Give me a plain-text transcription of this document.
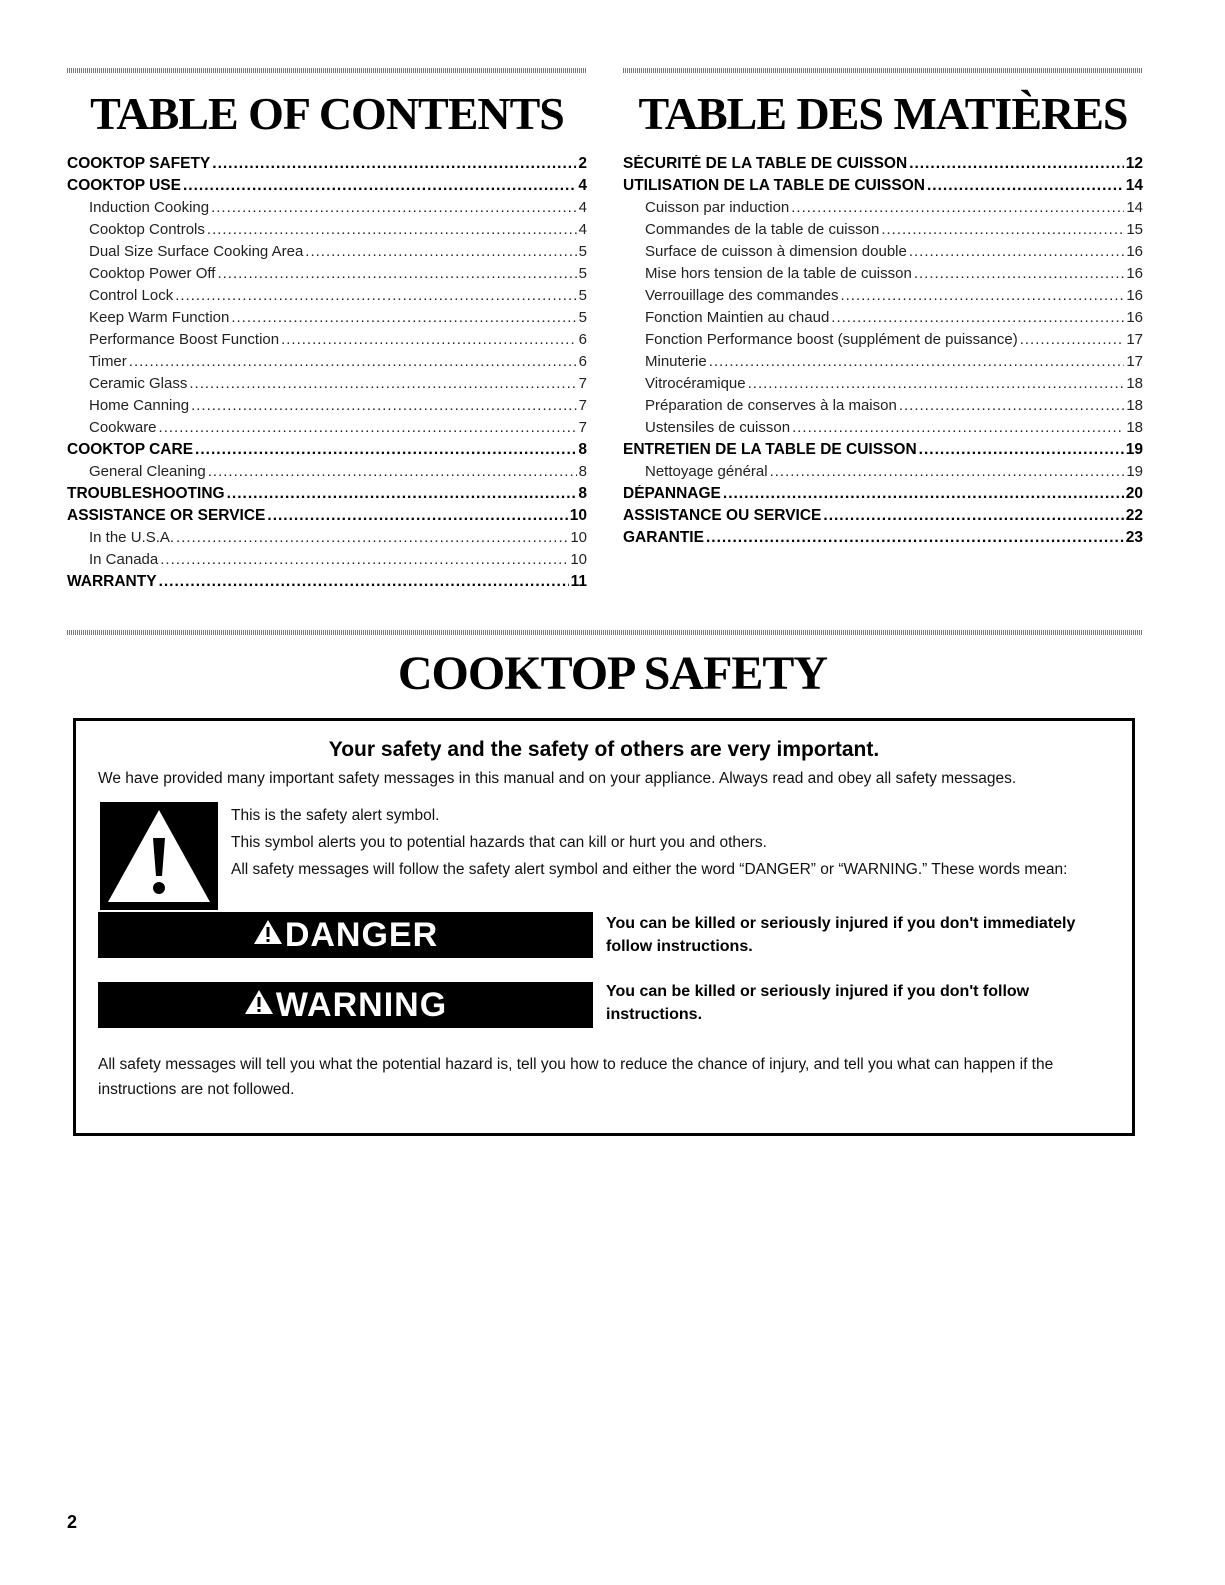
TABLE OF CONTENTS
COOKTOP SAFETY .....	2
COOKTOP USE .....	4
Induction Cooking .....	4
Cooktop Controls .....	4
Dual Size Surface Cooking Area .....	5
Cooktop Power Off .....	5
Control Lock .....	5
Keep Warm Function .....	5
Performance Boost Function .....	6
Timer .....	6
Ceramic Glass .....	7
Home Canning .....	7
Cookware .....	7
COOKTOP CARE .....	8
General Cleaning .....	8
TROUBLESHOOTING .....	8
ASSISTANCE OR SERVICE .....	10
In the U.S.A. .....	10
In Canada .....	10
WARRANTY .....	11
TABLE DES MATIÈRES
SÉCURITÉ DE LA TABLE DE CUISSON .....	12
UTILISATION DE LA TABLE DE CUISSON .....	14
Cuisson par induction .....	14
Commandes de la table de cuisson .....	15
Surface de cuisson à dimension double .....	16
Mise hors tension de la table de cuisson .....	16
Verrouillage des commandes .....	16
Fonction Maintien au chaud .....	16
Fonction Performance boost (supplément de puissance) .....	17
Minuterie .....	17
Vitrocéramique .....	18
Préparation de conserves à la maison .....	18
Ustensiles de cuisson .....	18
ENTRETIEN DE LA TABLE DE CUISSON .....	19
Nettoyage général .....	19
DÉPANNAGE .....	20
ASSISTANCE OU SERVICE .....	22
GARANTIE .....	23
COOKTOP SAFETY
Your safety and the safety of others are very important.
We have provided many important safety messages in this manual and on your appliance. Always read and obey all safety messages.

This is the safety alert symbol.

This symbol alerts you to potential hazards that can kill or hurt you and others.

All safety messages will follow the safety alert symbol and either the word “DANGER” or “WARNING.” These words mean:

DANGER	You can be killed or seriously injured if you don't immediately follow instructions.
WARNING	You can be killed or seriously injured if you don't follow instructions.
All safety messages will tell you what the potential hazard is, tell you how to reduce the chance of injury, and tell you what can happen if the instructions are not followed.
2
